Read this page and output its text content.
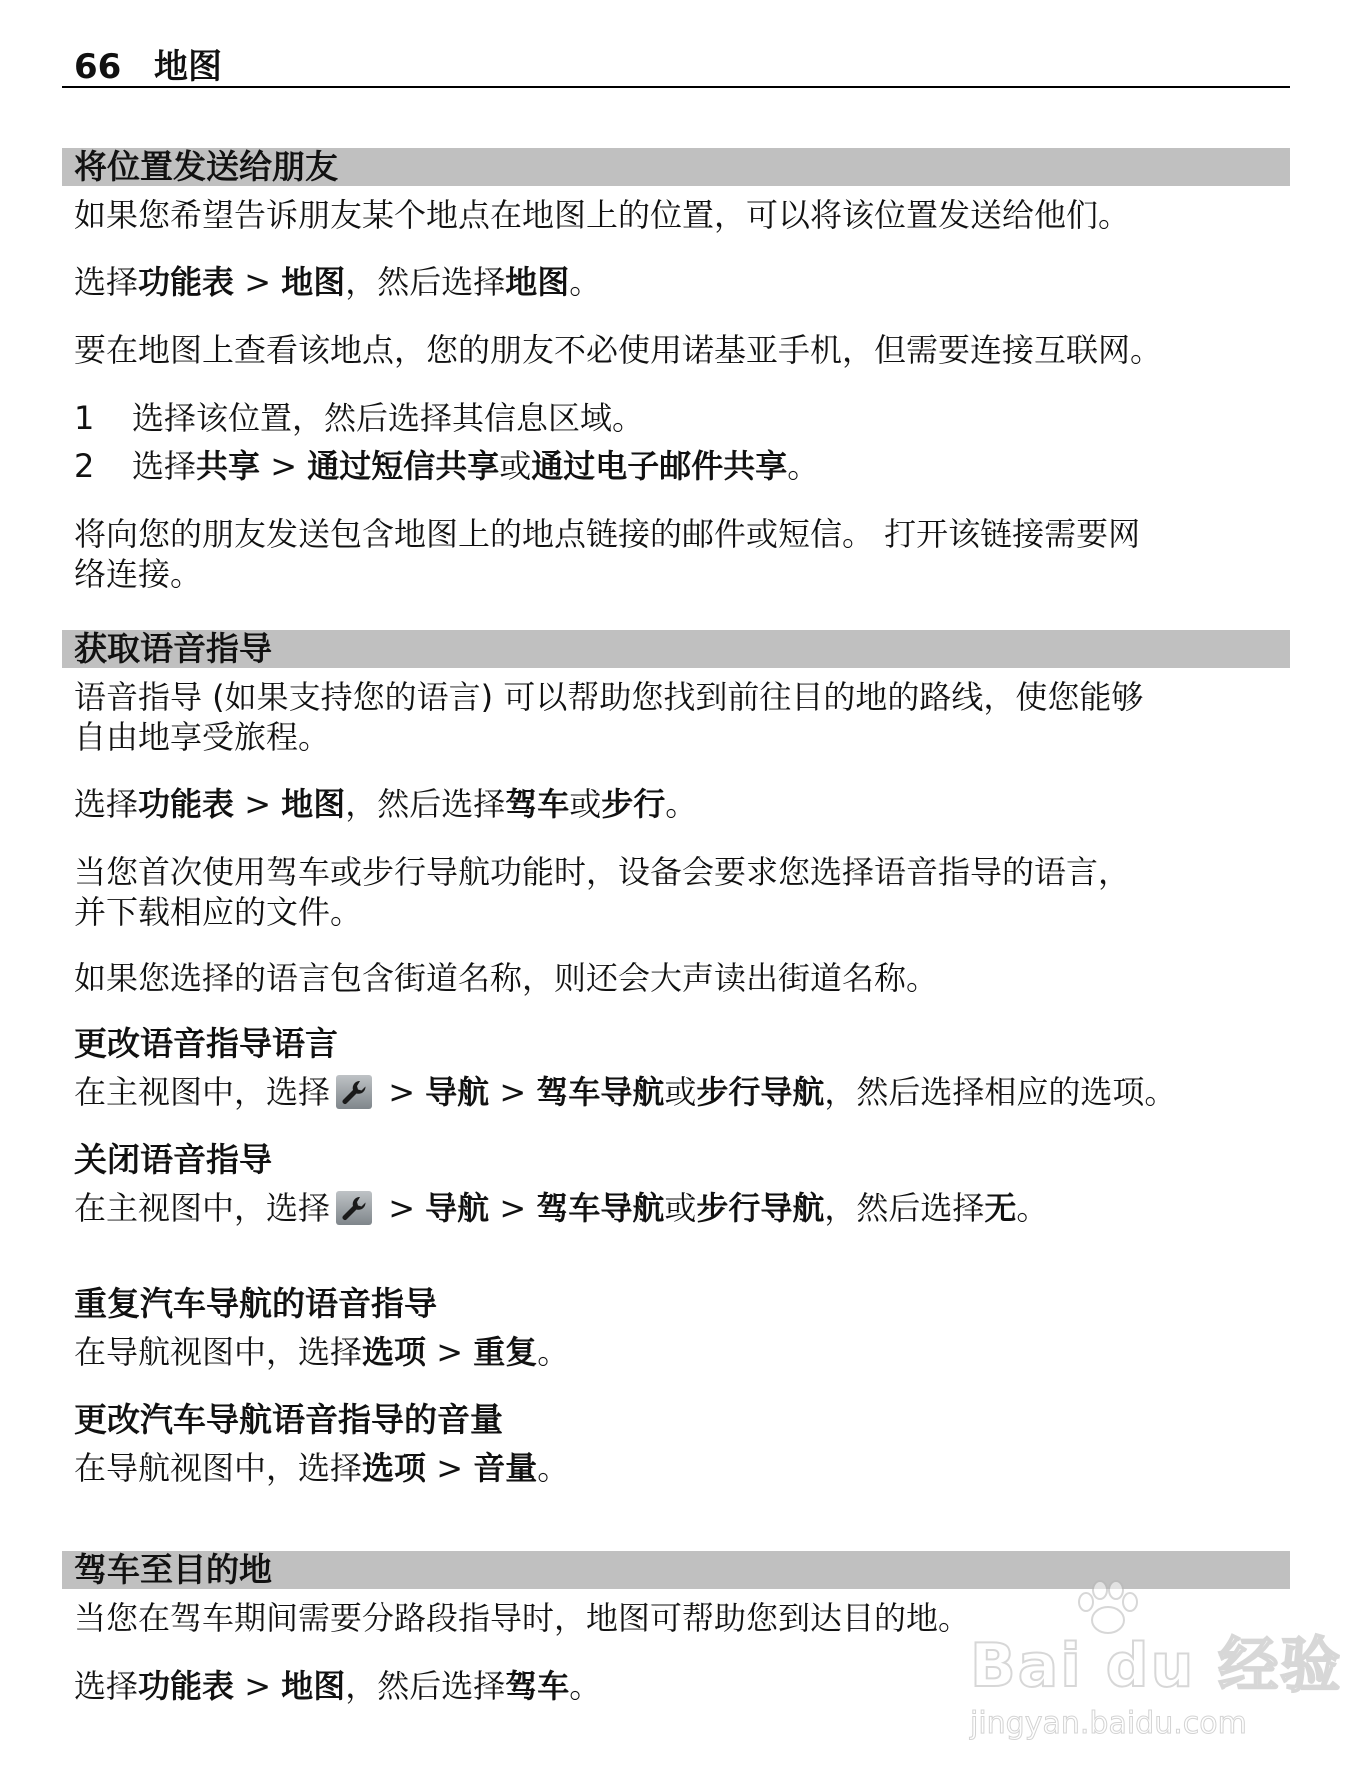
66 地图
将位置发送给朋友
如果您希望告诉朋友某个地点在地图上的位置，可以将该位置发送给他们。
选择功能表 > 地图，然后选择地图。
要在地图上查看该地点，您的朋友不必使用诺基亚手机，但需要连接互联网。
1 选择该位置，然后选择其信息区域。
2 选择共享 > 通过短信共享或通过电子邮件共享。
将向您的朋友发送包含地图上的地点链接的邮件或短信。 打开该链接需要网
络连接。
获取语音指导
语音指导 (如果支持您的语言) 可以帮助您找到前往目的地的路线，使您能够
自由地享受旅程。
选择功能表 > 地图，然后选择驾车或步行。
当您首次使用驾车或步行导航功能时，设备会要求您选择语音指导的语言，
并下载相应的文件。
如果您选择的语言包含街道名称，则还会大声读出街道名称。
更改语音指导语言
在主视图中，选择
> 导航 > 驾车导航或步行导航，然后选择相应的选项。
关闭语音指导
在主视图中，选择
> 导航 > 驾车导航或步行导航，然后选择无。
重复汽车导航的语音指导
在导航视图中，选择选项 > 重复。
更改汽车导航语音指导的音量
在导航视图中，选择选项 > 音量。
驾车至目的地
当您在驾车期间需要分路段指导时，地图可帮助您到达目的地。
选择功能表 > 地图，然后选择驾车。	Bai du 经验
jingyan.baidu.com
